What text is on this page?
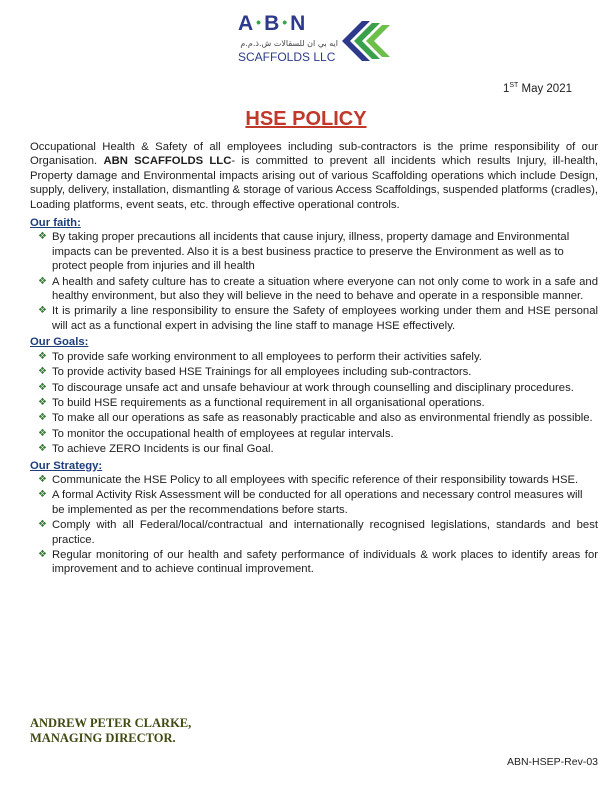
A•B•N
ايه بي ان للسقالات ش.ذ.م.م
SCAFFOLDS LLC
1ST May 2021
HSE POLICY

Occupational Health & Safety of all employees including sub-contractors is the prime responsibility of our Organisation. ABN SCAFFOLDS LLC- is committed to prevent all incidents which results Injury, ill-health, Property damage and Environmental impacts arising out of various Scaffolding operations which include Design, supply, delivery, installation, dismantling & storage of various Access Scaffoldings, suspended platforms (cradles), Loading platforms, event seats, etc. through effective operational controls.

Our faith:
❖ By taking proper precautions all incidents that cause injury, illness, property damage and Environmental impacts can be prevented. Also it is a best business practice to preserve the Environment as well as to protect people from injuries and ill health
❖ A health and safety culture has to create a situation where everyone can not only come to work in a safe and healthy environment, but also they will believe in the need to behave and operate in a responsible manner.
❖ It is primarily a line responsibility to ensure the Safety of employees working under them and HSE personal will act as a functional expert in advising the line staff to manage HSE effectively.
Our Goals:
❖ To provide safe working environment to all employees to perform their activities safely.
❖ To provide activity based HSE Trainings for all employees including sub-contractors.
❖ To discourage unsafe act and unsafe behaviour at work through counselling and disciplinary procedures.
❖ To build HSE requirements as a functional requirement in all organisational operations.
❖ To make all our operations as safe as reasonably practicable and also as environmental friendly as possible.
❖ To monitor the occupational health of employees at regular intervals.
❖ To achieve ZERO Incidents is our final Goal.
Our Strategy:
❖ Communicate the HSE Policy to all employees with specific reference of their responsibility towards HSE.
❖ A formal Activity Risk Assessment will be conducted for all operations and necessary control measures will be implemented as per the recommendations before starts.
❖ Comply with all Federal/local/contractual and internationally recognised legislations, standards and best practice.
❖ Regular monitoring of our health and safety performance of individuals & work places to identify areas for improvement and to achieve continual improvement.
ANDREW PETER CLARKE,
MANAGING DIRECTOR.
ABN-HSEP-Rev-03
